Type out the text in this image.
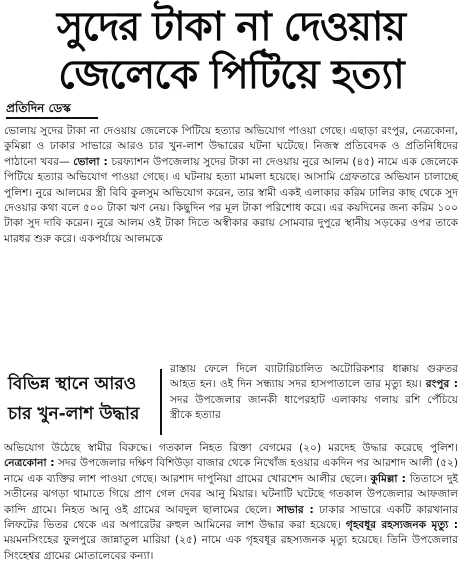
সুদের টাকা না দেওয়ায়
জেলেকে পিটিয়ে হত্যা
প্রতিদিন ডেস্ক
ভোলায় সুদের টাকা না দেওয়ায় জেলেকে পিটিয়ে হত্যার অভিযোগ পাওয়া গেছে। এছাড়া রংপুর, নেত্রকোনা, কুমিল্লা ও ঢাকার সাভারে আরও চার খুন-লাশ উদ্ধারের ঘটনা ঘটেছে। নিজস্ব প্রতিবেদক ও প্রতিনিধিদের পাঠানো খবর— ভোলা : চরফ্যাশন উপজেলায় সুদের টাকা না দেওয়ায় নুরে আলম (৪৫) নামে এক জেলেকে পিটিয়ে হত্যার অভিযোগ পাওয়া গেছে। এ ঘটনায় হত্যা মামলা হয়েছে। আসামি গ্রেফতারে অভিযান চালাচ্ছে পুলিশ। নুরে আলমের স্ত্রী বিবি কুলসুম অভিযোগ করেন, তার স্বামী একই এলাকার করিম ঢালির কাছ থেকে সুদ দেওয়ার কথা বলে ৫০০ টাকা ঋণ নেয়। কিছুদিন পর মূল টাকা পরিশোধ করে। এর কয়দিনের জন্য করিম ১০০ টাকা সুদ দাবি করেন। নুরে আলম ওই টাকা দিতে অস্বীকার করায় সোমবার দুপুরে স্থানীয় সড়কের ওপর তাকে মারধর শুরু করে। একপর্যায়ে আলমকে
বিভিন্ন স্থানে আরও
চার খুন-লাশ উদ্ধার
রাস্তায় ফেলে দিলে ব্যাটারিচালিত অটোরিকশার ধাক্কায় গুরুতর আহত হন। ওই দিন সন্ধ্যায় সদর হাসপাতালে তার মৃত্যু হয়। রংপুর : সদর উপজেলার জানকী ধাপেরহাট এলাকায় গলায় রশি পেঁচিয়ে স্ত্রীকে হত্যার
অভিযোগ উঠেছে স্বামীর বিরুদ্ধে। গতকাল নিহত রিক্তা বেগমের (২০) মরদেহ উদ্ধার করেছে পুলিশ। নেত্রকোনা : সদর উপজেলার দক্ষিণ বিশিউড়া বাজার থেকে নিখোঁজ হওয়ার একদিন পর আরশাদ আলী (৫২) নামে এক ব্যক্তির লাশ পাওয়া গেছে। আরশাদ দাপুনিয়া গ্রামের খোরশেদ আলীর ছেলে। কুমিল্লা : তিতাসে দুই সতীনের ঝগড়া থামাতে গিয়ে প্রাণ গেল দেবর আনু মিয়ার। ঘটনাটি ঘটেছে গতকাল উপজেলার আফজাল কান্দি গ্রামে। নিহত আনু ওই গ্রামের আবদুল ছালামের ছেলে। সাভার : ঢাকার সাভারে একটি কারখানার লিফটের ভিতর থেকে এর অপারেটর রুহুল আমিনের লাশ উদ্ধার করা হয়েছে। গৃহবধূর রহস্যজনক মৃত্যু : ময়মনসিংহের ফুলপুরে জান্নাতুল মারিয়া (২৫) নামে এক গৃহবধূর রহস্যজনক মৃত্যু হয়েছে। তিনি উপজেলার সিংহেশ্বর গ্রামের মোতালেবের কন্যা।
